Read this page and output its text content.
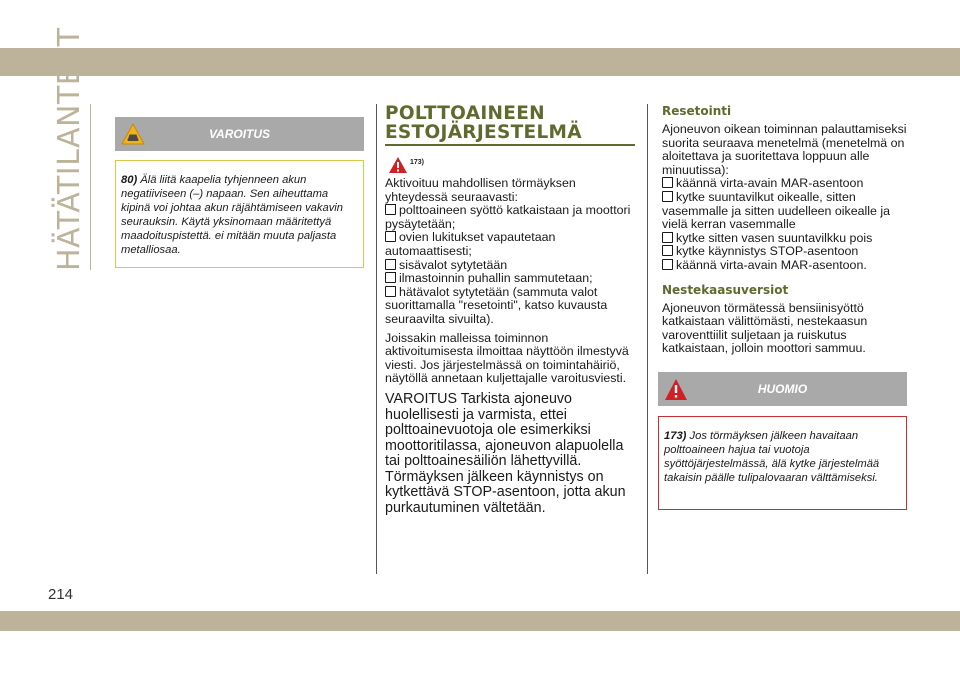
HÄTÄTILANTEET
214
VAROITUS

80) Älä liitä kaapelia tyhjenneen akun negatiiviseen (–) napaan. Sen aiheuttama kipinä voi johtaa akun räjähtämiseen vakavin seurauksin. Käytä yksinomaan määritettyä maadoituspistettä. ei mitään muuta paljasta metalliosaa.

POLTTOAINEEN
ESTOJÄRJESTELMÄ
173)

Aktivoituu mahdollisen törmäyksen yhteydessä seuraavasti:

polttoaineen syöttö katkaistaan ja moottori pysäytetään;

ovien lukitukset vapautetaan automaattisesti;

sisävalot sytytetään

ilmastoinnin puhallin sammutetaan;

hätävalot sytytetään (sammuta valot suorittamalla "resetointi", katso kuvausta seuraavilta sivuilta).

Joissakin malleissa toiminnon aktivoitumisesta ilmoittaa näyttöön ilmestyvä viesti. Jos järjestelmässä on toimintahäiriö, näytöllä annetaan kuljettajalle varoitusviesti.

VAROITUS Tarkista ajoneuvo huolellisesti ja varmista, ettei polttoainevuotoja ole esimerkiksi moottoritilassa, ajoneuvon alapuolella tai polttoainesäiliön lähettyvillä. Törmäyksen jälkeen käynnistys on kytkettävä STOP-asentoon, jotta akun purkautuminen vältetään.

Resetointi

Ajoneuvon oikean toiminnan palauttamiseksi suorita seuraava menetelmä (menetelmä on aloitettava ja suoritettava loppuun alle minuutissa):

käännä virta-avain MAR-asentoon

kytke suuntavilkut oikealle, sitten vasemmalle ja sitten uudelleen oikealle ja vielä kerran vasemmalle

kytke sitten vasen suuntavilkku pois

kytke käynnistys STOP-asentoon

käännä virta-avain MAR-asentoon.

Nestekaasuversiot

Ajoneuvon törmätessä bensiinisyöttö katkaistaan välittömästi, nestekaasun varoventtiilit suljetaan ja ruiskutus katkaistaan, jolloin moottori sammuu.

HUOMIO

173) Jos törmäyksen jälkeen havaitaan polttoaineen hajua tai vuotoja syöttöjärjestelmässä, älä kytke järjestelmää takaisin päälle tulipalovaaran välttämiseksi.
